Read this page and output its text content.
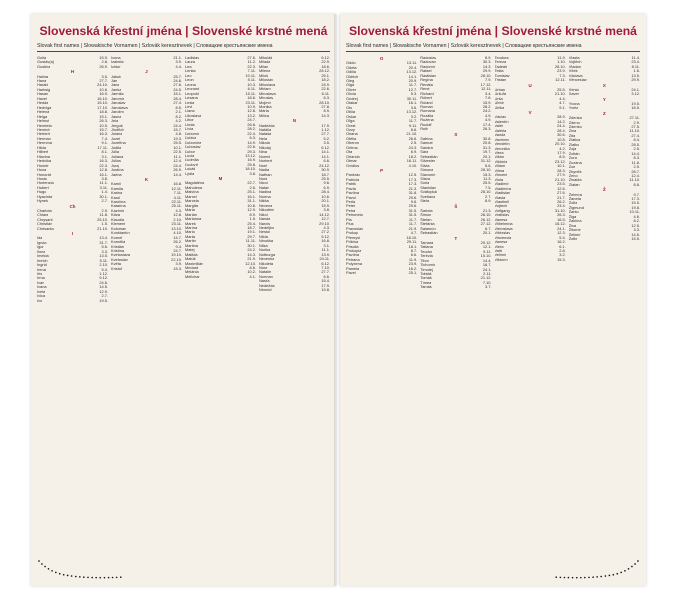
Slovenská křestní jména | Slovenské krstné mená
Slovak first names | Slowakische Vornamen | Szlovák keresztnevek | Словацкие крестьянские имена
Golia	15.9.
Gustáv(a)	2.8.
Gustina	26.9.
H
Halina	3.5.
Hana	27.7.
Harald	24.10.
Hartwig	10.6.
Hasan	16.9.
Havel	16.10.
Hedda	15.10.
Hedviga	17.10.
Helena	18.8.
Helga	15.1.
Helmut	26.3.
Henrieta	10.5.
Henrich	15.7.
Herbert	16.3.
Herman	7.4.
Hermína	9.1.
Hilda	17.11.
Hilbert	8.1.
Hlavina	3.1.
Hedvika	16.3.
Homér	22.3.
Hona	12.8.
Honorát	16.1.
Horác	3.8.
Hortenzia	11.1.
Hubert	3.11.
Hugo	1.4.
Hyacinta	30.1.
Hynek	2.7.
Ch
Charlota	2.9.
Chiara	11.8.
Chrysant	25.10.
Christián	1.5.
Chrisanta	21.10.
I
Ida	13.4.
Ignác	31.7.
Igor	5.6.
Ilona	3.3.
Imelda	13.5.
Imrich	5.11.
Ingrid	2.10.
Irena	5.4.
Iris	1.12.
Irma	9.12.
Ivan	24.6.
Ivana	14.5.
Iveta	12.9.
Ivica	2.7.
Ivo	19.5.
Ivona	21.1.
Izabela	3.9.
Izidor	4.4.
J
Jakub	25.7.
Ján	24.6.
Jana	27.6.
Janka	24.5.
Jarmila	15.1.
Jaromír	28.4.
Jaroslav	27.4.
Jaroslava	8.5.
Jarolím	2.1.
Jasna	8.2.
Jela	4.2.
Jerguš	24.4.
Jindřich	15.7.
Jolana	4.8.
Jozef	19.3.
Jozefína	25.5.
Judita	10.1.
Júlia	22.5.
Juliana	11.1.
Július	12.4.
Juraj	24.4.
Justína	26.9.
Jarina	14.4.
K
Kamil	16.8.
Kamila	12.11.
Karina	7.11.
Karol	4.11.
Karolína	22.11.
Katarína	25.11.
Kazimír	4.3.
Klára	12.8.
Klaudia	2.10.
Klement	23.11.
Koloman	13.10.
Konštantín	4.10.
Kornel	14.7.
Kornélia	26.2.
Kristián	9.4.
Kristína	24.7.
Kvetoslava	19.10.
Kvetoslav	22.10.
Květa	3.9.
Kristof	15.3.
Ladislav	27.6.
Laura	11.2.
Lea	22.3.
Lenka	7.11.
Leo	10.11.
Leon	5.11.
Leona	10.3.
Leonard	6.11.
Leopold	15.11.
Lesana	18.6.
Lesia	23.11.
Levi	10.9.
Liana	12.8.
Liboslava	13.2.
Libor	24.7.
Linda	26.8.
Lívia	28.2.
Ľubomír	22.4.
Ľubica	6.3.
Ľubomíra	14.9.
Ľuboslav	22.6.
Ľubor	29.3.
Lucia	13.12.
Ľudmila	16.9.
Ľudovít	25.8.
Lukáš	18.10.
Lýdia	3.8.
M
Magdaléna	22.7.
Mahulena	2.6.
Malvína	25.1.
Marcel	16.1.
Marcela	31.1.
Margita	10.6.
Mária	12.9.
Marián	8.9.
Marianna	1.5.
Marek	25.4.
Marína	18.7.
Mario	19.1.
Marta	29.7.
Martin	11.11.
Martina	30.1.
Matej	24.2.
Matilda	14.3.
Matúš	21.9.
Maximilián	12.10.
Medard	8.6.
Melánia	10.2.
Melichar	4.1.
Mikuláš	6.12.
Milada	22.9.
Milan	18.6.
Milena	28.12.
Miloš	25.1.
Miloslav	18.2.
Miloslava	24.9.
Miriam	22.6.
Miroslava	6.11.
Miroslav	6.3.
Mojmír	28.10.
Monika	27.8.
Mária	8.9.
Milica	14.3.
N
Nadežda	17.9.
Natália	1.12.
Nataša	27.7.
Nela	5.2.
Nikola	3.5.
Nikolaj	6.12.
Nina	14.1.
Noemi	14.1.
Norbert	6.6.
Noel	24.12.
Nadia	30.9.
Nathan	18.7.
Nora	25.5.
Nicol	9.6.
Natan	6.9.
Nadina	28.4.
Norma	10.6.
Nikita	20.1.
Nevena	15.9.
Nikodém	3.8.
Nikol	14.12.
Nanda	12.7.
Narcis	29.10.
Nedeljko	4.3.
Nestor	27.2.
Nilda	5.12.
Ninuška	16.8.
Nilsa	3.1.
Norika	11.1.
Notburga	13.9.
Nevenka	24.11.
Nikoleta	6.12.
Nóra	7.10.
Natalie	27.7.
Norman	6.6.
Nasťa	15.4.
Nedežda	17.9.
Nimród	19.8.
Slovenská křestní jména | Slovenské krstné mená
Slovak first names | Slowakische Vornamen | Szlovák keresztnevek | Словацкие крестьянские имена
O
Oddo	13.11.
Odeta	20.4.
Odilia	13.12.
Oldrich	14.1.
Oleg	20.9.
Olga	11.7.
Oliver	12.7.
Olívia	5.3.
Ondrej	30.11.
Otakar	16.1.
Oto	3.6.
Otília	13.12.
Oskar	3.2.
Oľga	11.7.
Orest	9.11.
Ozzy	8.6.
Oriana	21.10.
Ofélia	26.6.
Oberon	2.5.
Orfeus	24.3.
Ota	6.9.
Orlando	18.2.
Otmar	16.11.
Ovídius	4.10.
P
Pankrác	12.5.
Patrícia	17.3.
Patrik	17.3.
Pavla	21.3.
Pavlína	31.8.
Pavol	29.6.
Perla	9.6.
Peter	29.6.
Petra	31.5.
Petronela	31.5.
Pia	11.7.
Pius	11.7.
Pravoslav	21.9.
Prokop	4.7.
Přemysl	18.10.
Pribina	29.11.
Priscila	18.1.
Prokopia	8.7.
Pavlína	6.6.
Petrana	11.9.
Polyxena	23.9.
Pamela	16.2.
Pavel	25.1.
Radoslav	8.9.
Radovan	30.3.
Radomír	14.3.
Rafael	29.9.
Rastislav	28.10.
Regína	7.9.
Renáta	17.12.
René	12.11.
Richard	3.4.
Róbert	7.6.
Roland	15.9.
Roman	28.2.
Romana	24.2.
Rozália	4.9.
Ružena	4.9.
Rudolf	17.4.
Ruth	26.3.
S
Sabína	30.8.
Samuel	20.8.
Sandra	31.3.
Sára	19.7.
Sebastián	20.1.
Silvester	31.12.
Silvia	5.6.
Simona	28.10.
Slavomír	15.3.
Sláva	11.3.
Soňa	25.5.
Stanislav	7.5.
Svätopluk	28.10.
Svetlana	2.7.
Stela	8.9.
Š
Šarlota	21.3.
Šimon	28.10.
Štefan	26.12.
Štefánia	27.12.
Šalamún	6.7.
Šebastián	20.1.
T
Tamara	29.12.
Tatiana	12.1.
Teodor	9.11.
Terézia	15.10.
Tibor	14.4.
Tichomír	16.7.
Timotej	24.1.
Tobiáš	2.11.
Tomáš	21.12.
Tímea	7.10.
Tamás	3.7.
Teodora	11.9.
Tereza	1.10.
Tadeáš	28.10.
Tekla	23.9.
Tomislav	7.3.
Tristan	12.11.
U
Urban	25.5.
Uršuľa	21.10.
Urša	4.4.
Ulrich	4.7.
Ulrika	9.1.
V
Václav	28.9.
Valentín	14.2.
Valér	24.4.
Valéria	28.4.
Vanda	30.6.
Vavrinec	10.8.
Vendelín	20.10.
Veronika	4.2.
Viera	17.9.
Viktor	8.5.
Viktória	23.12.
Viliam	10.1.
Vilma	28.3.
Vincent	27.9.
Viola	21.10.
Vladimír	23.5.
Vladimíra	12.6.
Vladislav	27.6.
Vlasta	21.7.
Vlastimil	26.2.
Vojtech	23.4.
Volfgang	31.10.
Vratislav	26.3.
Vanesa	16.5.
Vilhelmína	16.12.
Vieroslava	24.1.
Vítězslav	12.3.
Vincencia	5.4.
Vanesa	16.2.
Viera	6.1.
Valtr	2.8.
Velimír	3.2.
Viktorín	15.3.
Vlasta	11.4.
Vojtěch	23.4.
Vladan	8.11.
Vítek	1.6.
Václava	13.5.
Věnceslav	29.9.
X
Xénia	24.1.
Xaver	3.12.
Y
Yvona	19.5.
Yveta	18.5.
Z
Zdenka	27.11.
Zdeno	2.9.
Zdenko	27.5.
Zina	11.10.
Zita	27.4.
Zlatica	8.4.
Zlatko	28.5.
Zoja	2.5.
Zoltán	14.4.
Zora	8.3.
Zuzana	11.8.
Zoe	2.5.
Zbyněk	28.7.
Zeno	12.4.
Zinaida	11.10.
Zlatan	8.8.
Ž
Želmíra	9.7.
Žaneta	17.3.
Žofia	15.5.
Žigmund	19.8.
Žarko	10.11.
Žiga	4.6.
Žaklína	8.2.
Živa	12.5.
Žitomír	3.3.
Želimír	14.6.
Žofie	15.5.
